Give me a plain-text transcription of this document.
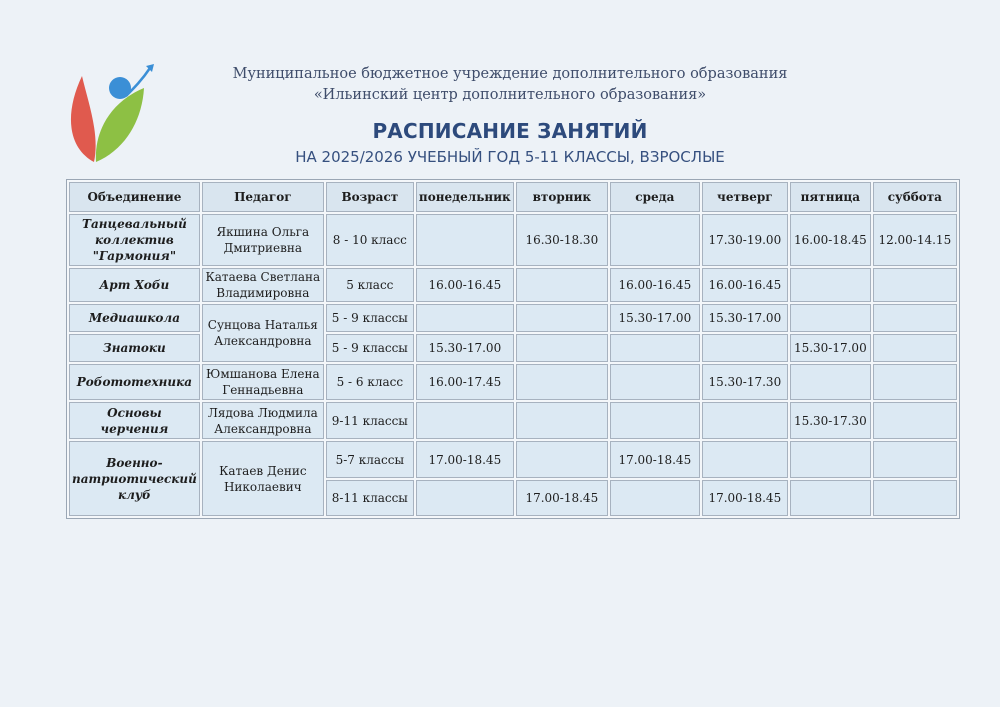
Муниципальное бюджетное учреждение дополнительного образования
«Ильинский центр дополнительного образования»
РАСПИСАНИЕ ЗАНЯТИЙ
НА 2025/2026 УЧЕБНЫЙ ГОД 5-11 КЛАССЫ, ВЗРОСЛЫЕ
Объединение	Педагог	Возраст	понедельник	вторник	среда	четверг	пятница	суббота
Танцевальный коллектив "Гармония"	Якшина Ольга Дмитриевна	8 - 10 класс		16.30-18.30		17.30-19.00	16.00-18.45	12.00-14.15
Арт Хоби	Катаева Светлана Владимировна	5 класс	16.00-16.45		16.00-16.45	16.00-16.45		
Медиашкола	Сунцова Наталья Александровна	5 - 9 классы			15.30-17.00	15.30-17.00		
Знатоки		5 - 9 классы	15.30-17.00				15.30-17.00	
Робототехника	Юмшанова Елена Геннадьевна	5 - 6 класс	16.00-17.45			15.30-17.30		
Основы черчения	Лядова Людмила Александровна	9-11 классы					15.30-17.30	
Военно-патриотический клуб	Катаев Денис Николаевич	5-7 классы	17.00-18.45		17.00-18.45			
		8-11 классы		17.00-18.45		17.00-18.45		
